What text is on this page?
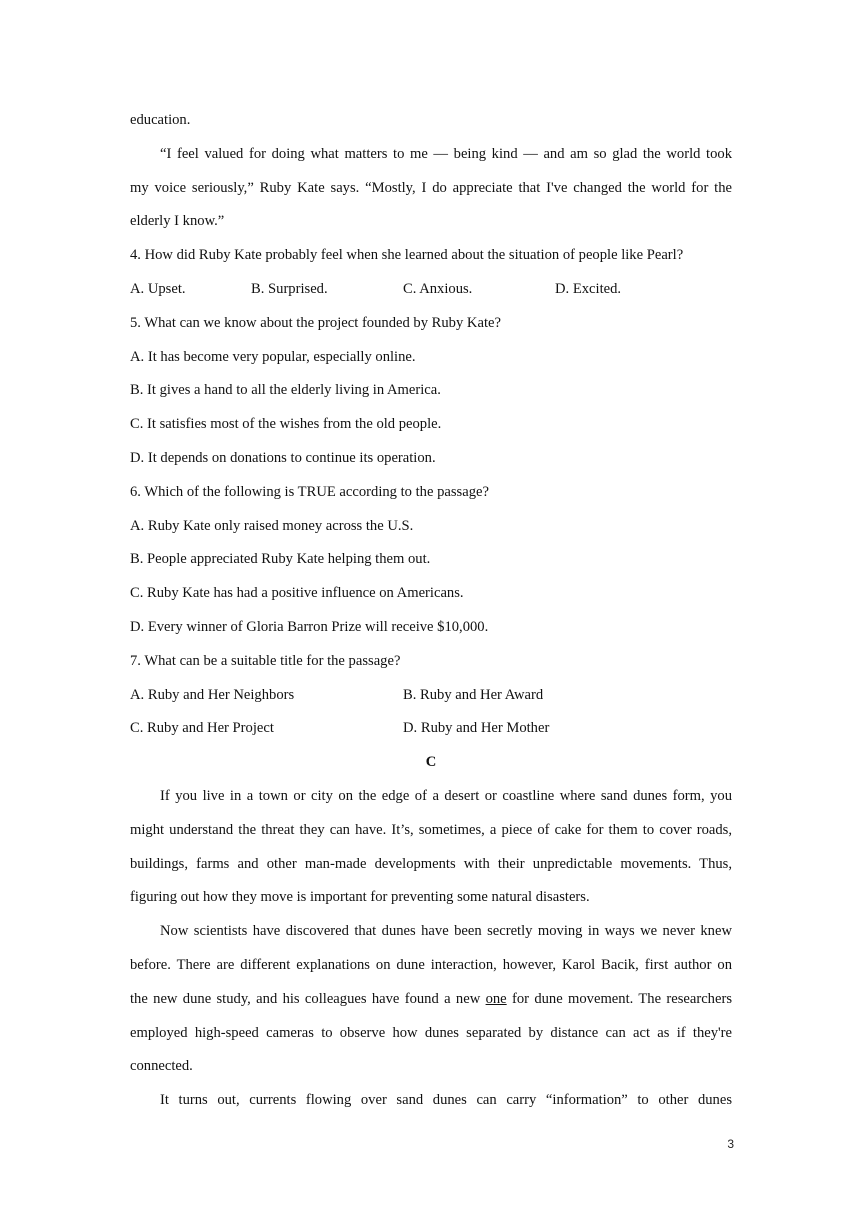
education.
“I feel valued for doing what matters to me — being kind — and am so glad the world took
my voice seriously,” Ruby Kate says. “Mostly, I do appreciate that I've changed the world for the
elderly I know.”
4. How did Ruby Kate probably feel when she learned about the situation of people like Pearl?
A. Upset.	B. Surprised.	C. Anxious.	D. Excited.
5. What can we know about the project founded by Ruby Kate?
A. It has become very popular, especially online.
B. It gives a hand to all the elderly living in America.
C. It satisfies most of the wishes from the old people.
D. It depends on donations to continue its operation.
6. Which of the following is TRUE according to the passage?
A. Ruby Kate only raised money across the U.S.
B. People appreciated Ruby Kate helping them out.
C. Ruby Kate has had a positive influence on Americans.
D. Every winner of Gloria Barron Prize will receive $10,000.
7. What can be a suitable title for the passage?
A. Ruby and Her Neighbors	B. Ruby and Her Award
C. Ruby and Her Project	D. Ruby and Her Mother
C
If you live in a town or city on the edge of a desert or coastline where sand dunes form, you
might understand the threat they can have. It’s, sometimes, a piece of cake for them to cover roads,
buildings, farms and other man-made developments with their unpredictable movements. Thus,
figuring out how they move is important for preventing some natural disasters.
Now scientists have discovered that dunes have been secretly moving in ways we never knew
before. There are different explanations on dune interaction, however, Karol Bacik, first author on
the new dune study, and his colleagues have found a new one for dune movement. The researchers
employed high-speed cameras to observe how dunes separated by distance can act as if they're
connected.
It turns out, currents flowing over sand dunes can carry “information” to other dunes
3
